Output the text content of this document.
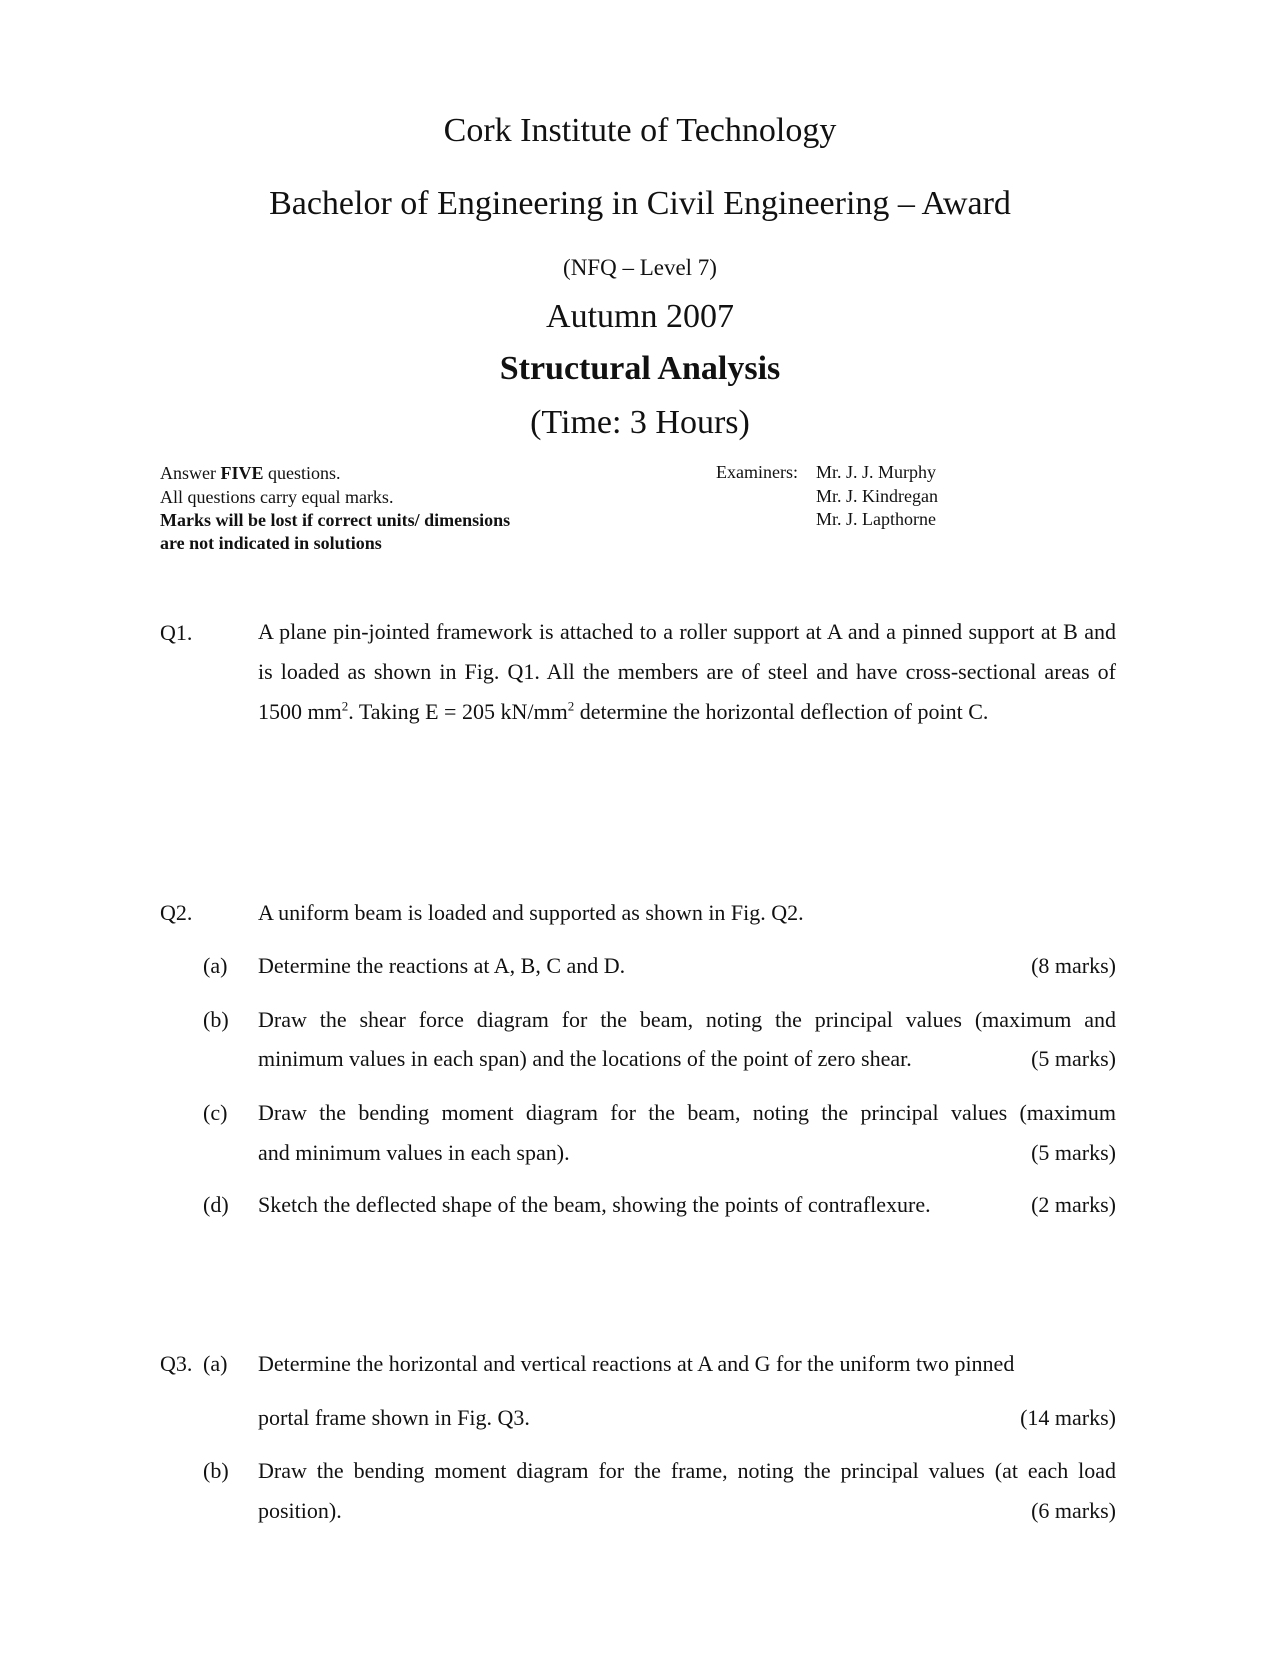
Cork Institute of Technology
Bachelor of Engineering in Civil Engineering – Award
(NFQ – Level 7)
Autumn 2007
Structural Analysis
(Time: 3 Hours)
Answer FIVE questions.
All questions carry equal marks.
Marks will be lost if correct units/ dimensions
are not indicated in solutions
Examiners: Mr. J. J. Murphy
Mr. J. Kindregan
Mr. J. Lapthorne
Q1.	A plane pin-jointed framework is attached to a roller support at A and a pinned support at B and is loaded as shown in Fig. Q1. All the members are of steel and have cross-sectional areas of 1500 $mm^2$. Taking E = 205 $kN/mm^2$ determine the horizontal deflection of point C.
Q2.	A uniform beam is loaded and supported as shown in Fig. Q2.
(a) Determine the reactions at A, B, C and D.	(8 marks)
(b) Draw the shear force diagram for the beam, noting the principal values (maximum and
minimum values in each span) and the locations of the point of zero shear.	(5 marks)
(c) Draw the bending moment diagram for the beam, noting the principal values (maximum
and minimum values in each span).	(5 marks)
(d) Sketch the deflected shape of the beam, showing the points of contraflexure.	(2 marks)
Q3. (a) Determine the horizontal and vertical reactions at A and G for the uniform two pinned
portal frame shown in Fig. Q3.	(14 marks)
(b) Draw the bending moment diagram for the frame, noting the principal values (at each load
position).	(6 marks)
